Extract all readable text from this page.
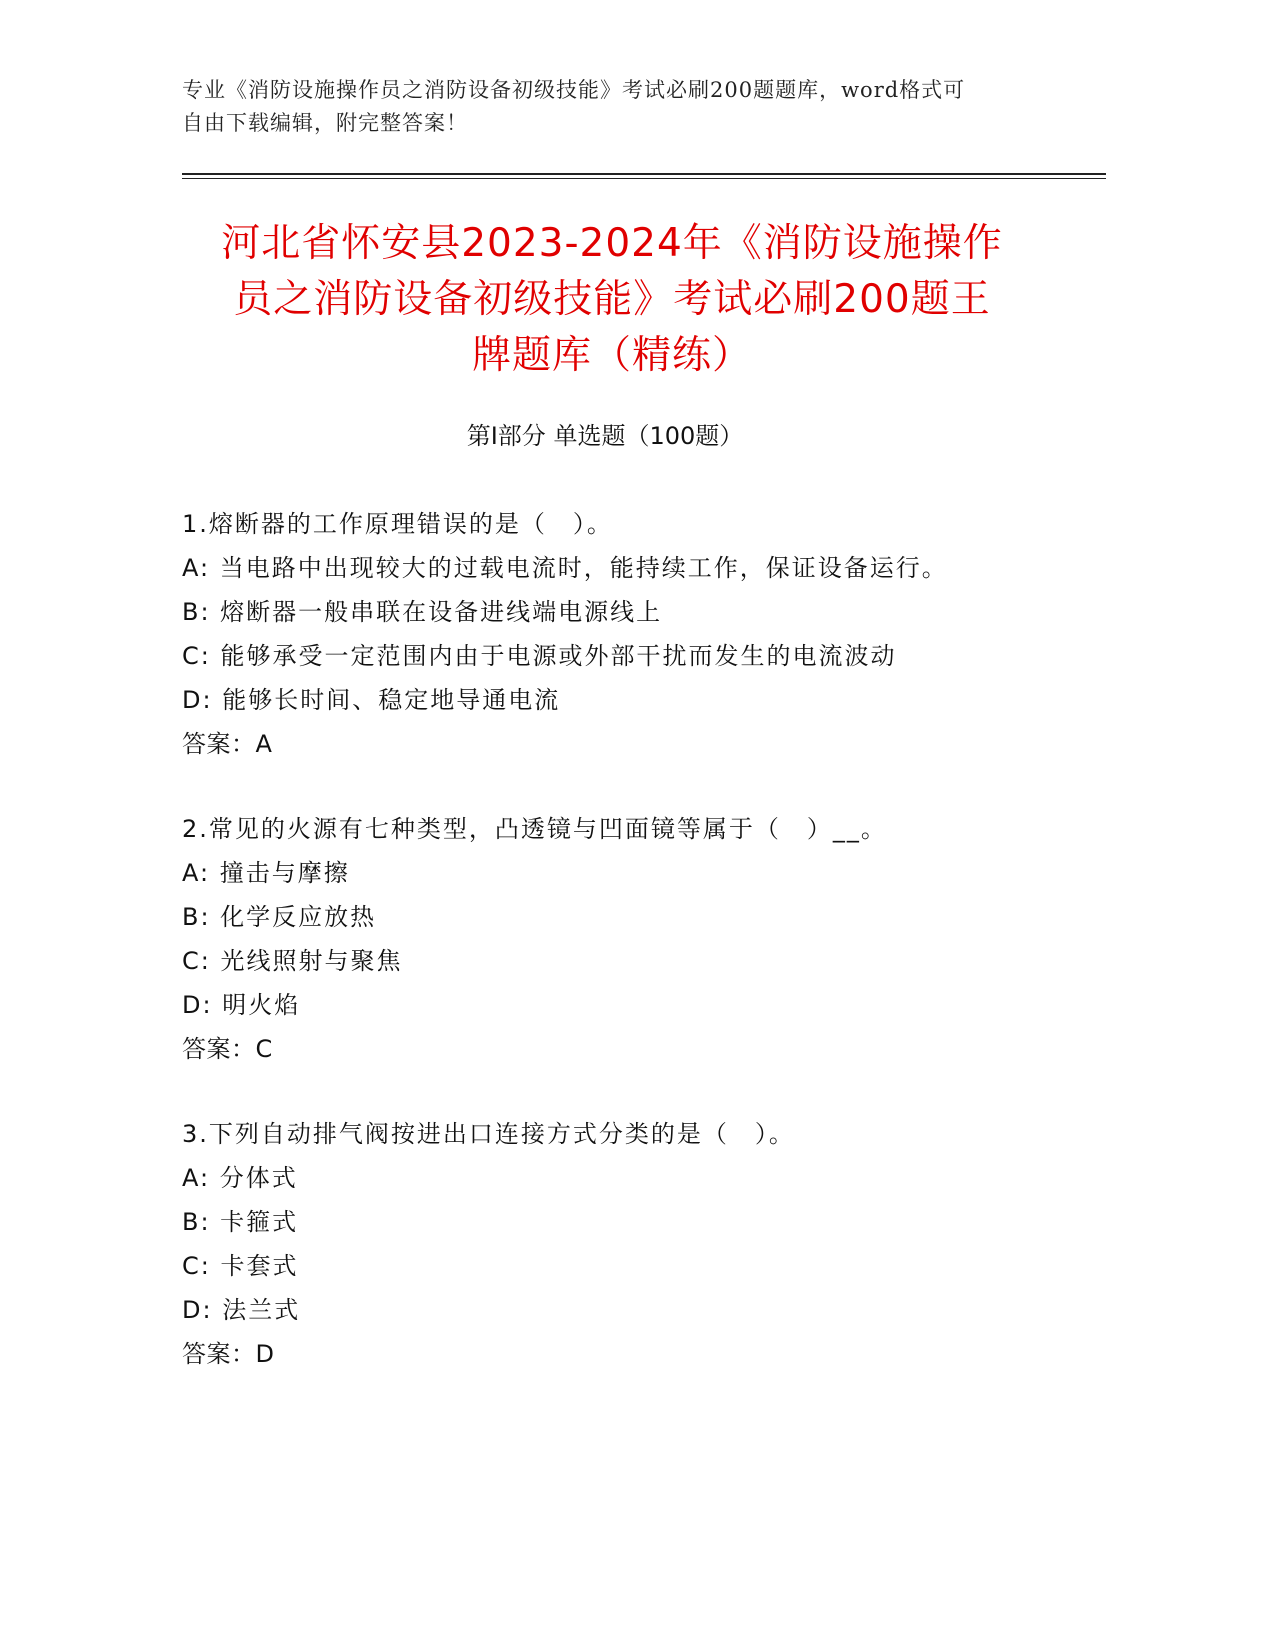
专业《消防设施操作员之消防设备初级技能》考试必刷200题题库，word格式可
自由下载编辑，附完整答案！
河北省怀安县2023-2024年《消防设施操作
员之消防设备初级技能》考试必刷200题王
牌题库（精练）
第Ⅰ部分 单选题（100题）
1.熔断器的工作原理错误的是（　）。
A: 当电路中出现较大的过载电流时，能持续工作，保证设备运行。
B: 熔断器一般串联在设备进线端电源线上
C: 能够承受一定范围内由于电源或外部干扰而发生的电流波动
D: 能够长时间、稳定地导通电流
答案：A
2.常见的火源有七种类型，凸透镜与凹面镜等属于（　）__。
A: 撞击与摩擦
B: 化学反应放热
C: 光线照射与聚焦
D: 明火焰
答案：C
3.下列自动排气阀按进出口连接方式分类的是（　）。
A: 分体式
B: 卡箍式
C: 卡套式
D: 法兰式
答案：D
